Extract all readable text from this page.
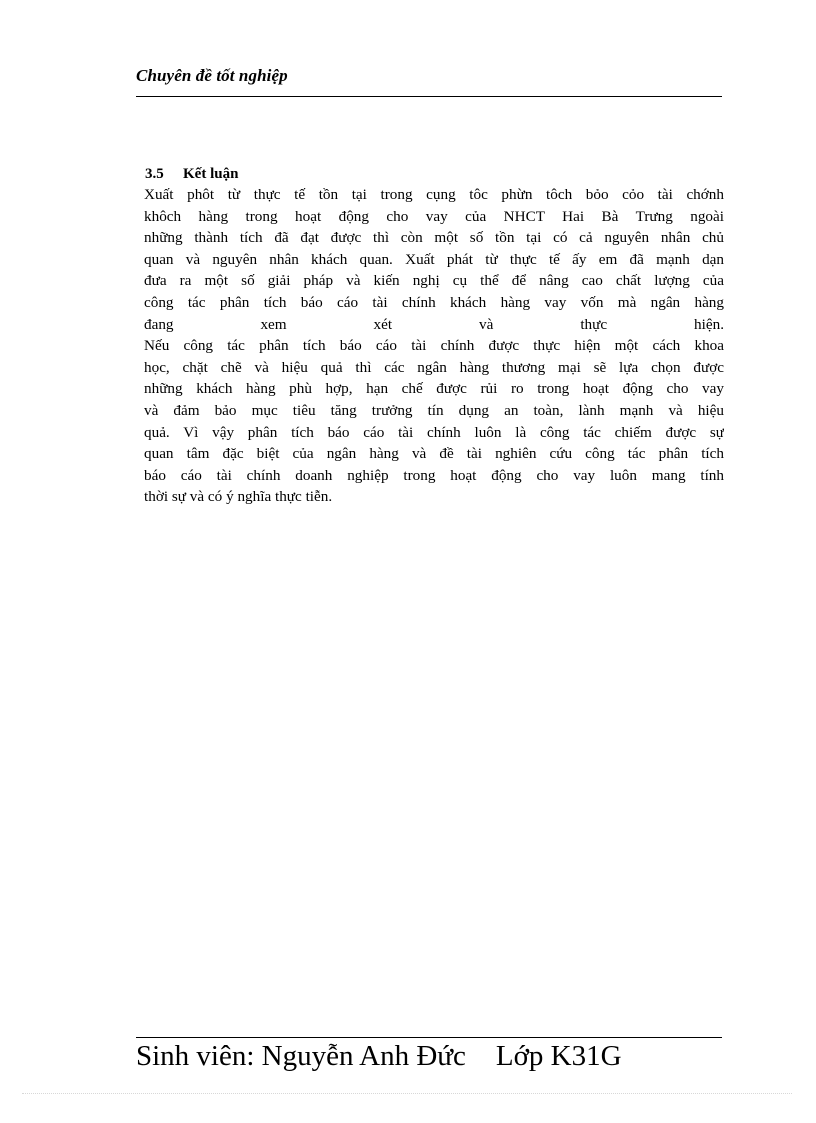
Chuyên đề tốt nghiệp
3.5 Kết luận
Xuất phôt từ thực tế tồn tại trong cụng tôc phừn tôch bỏo cỏo tài chớnh
khôch hàng trong hoạt động cho vay của NHCT Hai Bà Trưng ngoài
những thành tích đã đạt được thì còn một số tồn tại có cả nguyên nhân chủ
quan và nguyên nhân khách quan. Xuất phát từ thực tế ấy em đã mạnh dạn
đưa ra một số giải pháp và kiến nghị cụ thể để nâng cao chất lượng của
công tác phân tích báo cáo tài chính khách hàng vay vốn mà ngân hàng
đang xem xét và thực hiện.
Nếu công tác phân tích báo cáo tài chính được thực hiện một cách khoa
học, chặt chẽ và hiệu quả thì các ngân hàng thương mại sẽ lựa chọn được
những khách hàng phù hợp, hạn chế được rủi ro trong hoạt động cho vay
và đảm bảo mục tiêu tăng trưởng tín dụng an toàn, lành mạnh và hiệu
quả. Vì vậy phân tích báo cáo tài chính luôn là công tác chiếm được sự
quan tâm đặc biệt của ngân hàng và đề tài nghiên cứu công tác phân tích
báo cáo tài chính doanh nghiệp trong hoạt động cho vay luôn mang tính
thời sự và có ý nghĩa thực tiễn.
Sinh viên: Nguyễn Anh Đức Lớp K31G
